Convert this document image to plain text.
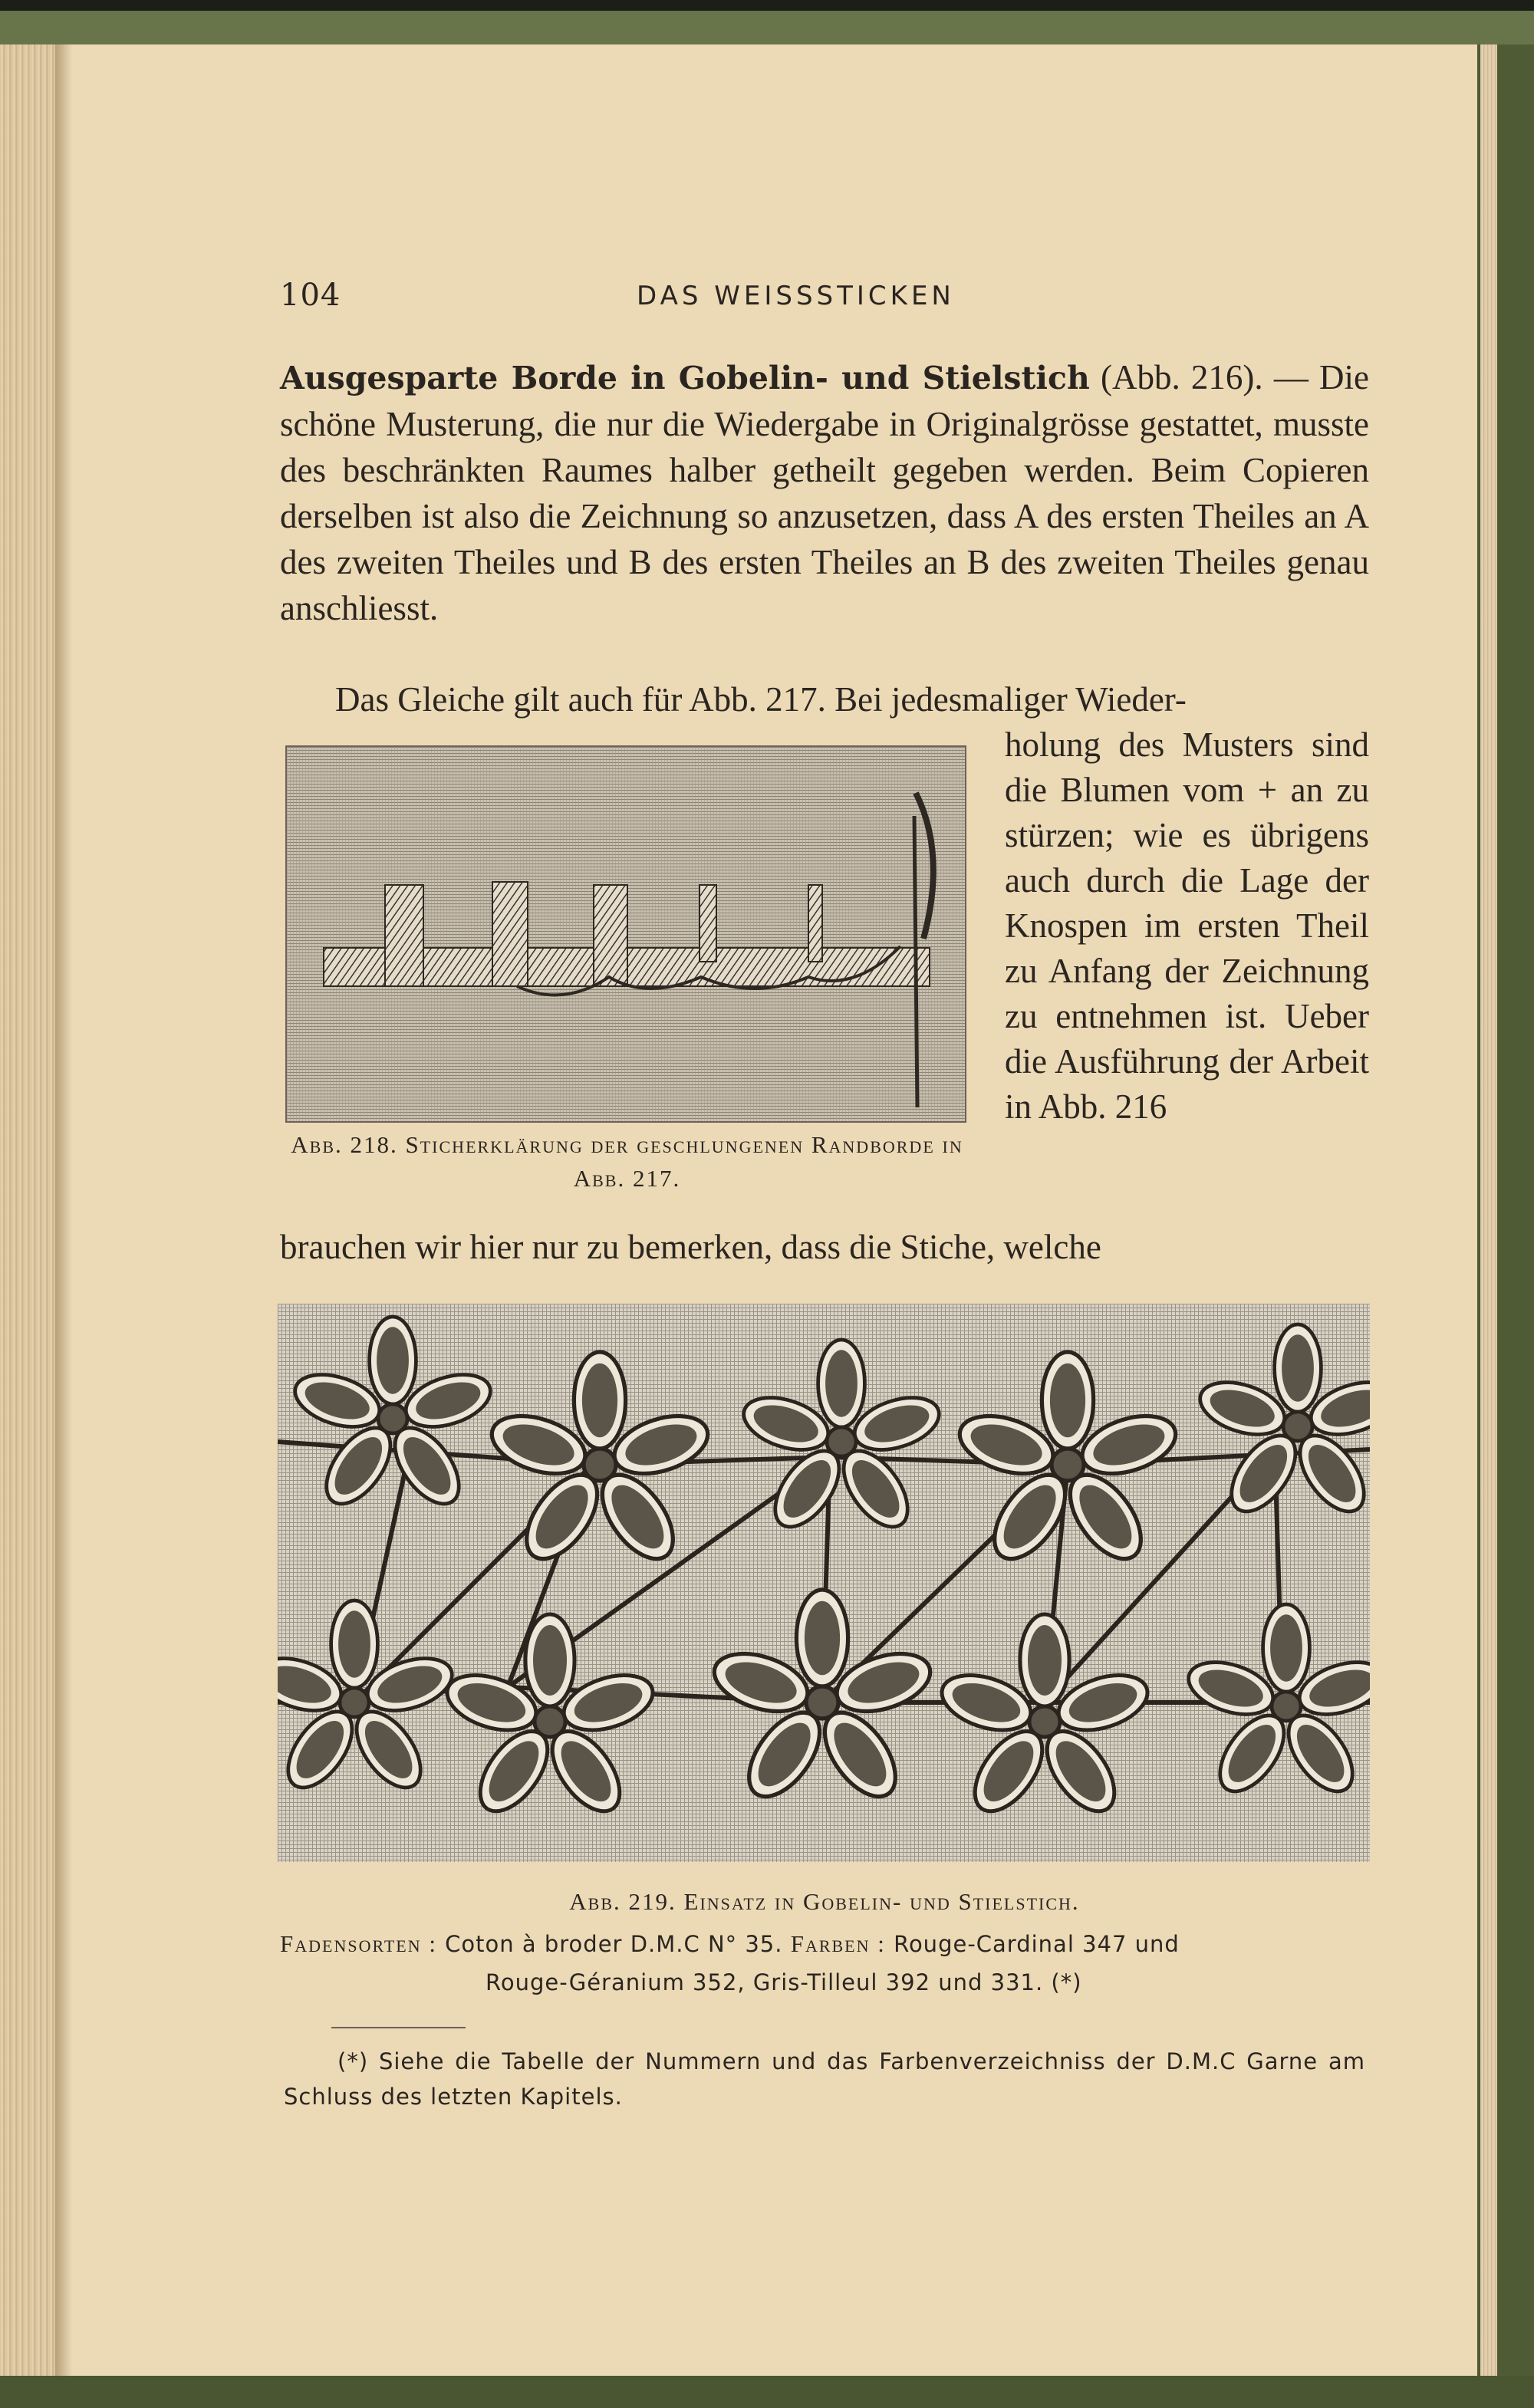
104	DAS WEISSSTICKEN
Ausgesparte Borde in Gobelin- und Stielstich (Abb. 216). — Die schöne Musterung, die nur die Wiedergabe in Originalgrösse gestattet, musste des beschränkten Raumes halber getheilt gegeben werden. Beim Copieren derselben ist also die Zeichnung so anzusetzen, dass A des ersten Theiles an A des zweiten Theiles und B des ersten Theiles an B des zweiten Theiles genau anschliesst.
Das Gleiche gilt auch für Abb. 217. Bei jedesmaliger Wieder-
holung des Musters sind die Blumen vom + an zu stürzen; wie es übrigens auch durch die Lage der Knospen im ersten Theil zu Anfang der Zeichnung zu entnehmen ist. Ueber die Ausführung der Arbeit in Abb. 216
brauchen wir hier nur zu bemerken, dass die Stiche, welche
Abb. 218. Sticherklärung der geschlungenen Randborde in Abb. 217.
Abb. 219. Einsatz in Gobelin- und Stielstich.
Fadensorten : Coton à broder D.M.C N° 35. Farben : Rouge-Cardinal 347 und
Rouge-Géranium 352, Gris-Tilleul 392 und 331. (*)
(*) Siehe die Tabelle der Nummern und das Farbenverzeichniss der D.M.C Garne am Schluss des letzten Kapitels.
